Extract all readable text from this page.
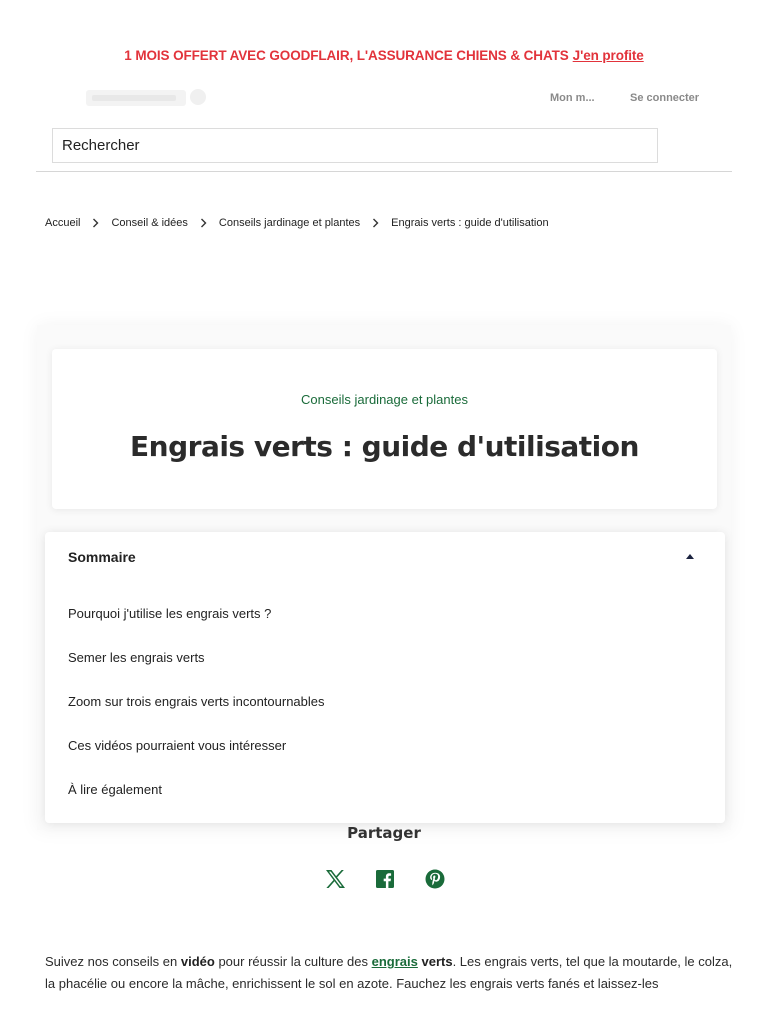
1 MOIS OFFERT AVEC GOODFLAIR, L'ASSURANCE CHIENS & CHATS J'en profite
Mon m...	Se connecter
Rechercher
Accueil	Conseil & idées	Conseils jardinage et plantes	Engrais verts : guide d'utilisation
Conseils jardinage et plantes
Engrais verts : guide d'utilisation
Sommaire
Pourquoi j'utilise les engrais verts ?
Semer les engrais verts
Zoom sur trois engrais verts incontournables
Ces vidéos pourraient vous intéresser
À lire également
Partager

Suivez nos conseils en vidéo pour réussir la culture des engrais verts. Les engrais verts, tel que la moutarde, le colza, la phacélie ou encore la mâche, enrichissent le sol en azote. Fauchez les engrais verts fanés et laissez-les
